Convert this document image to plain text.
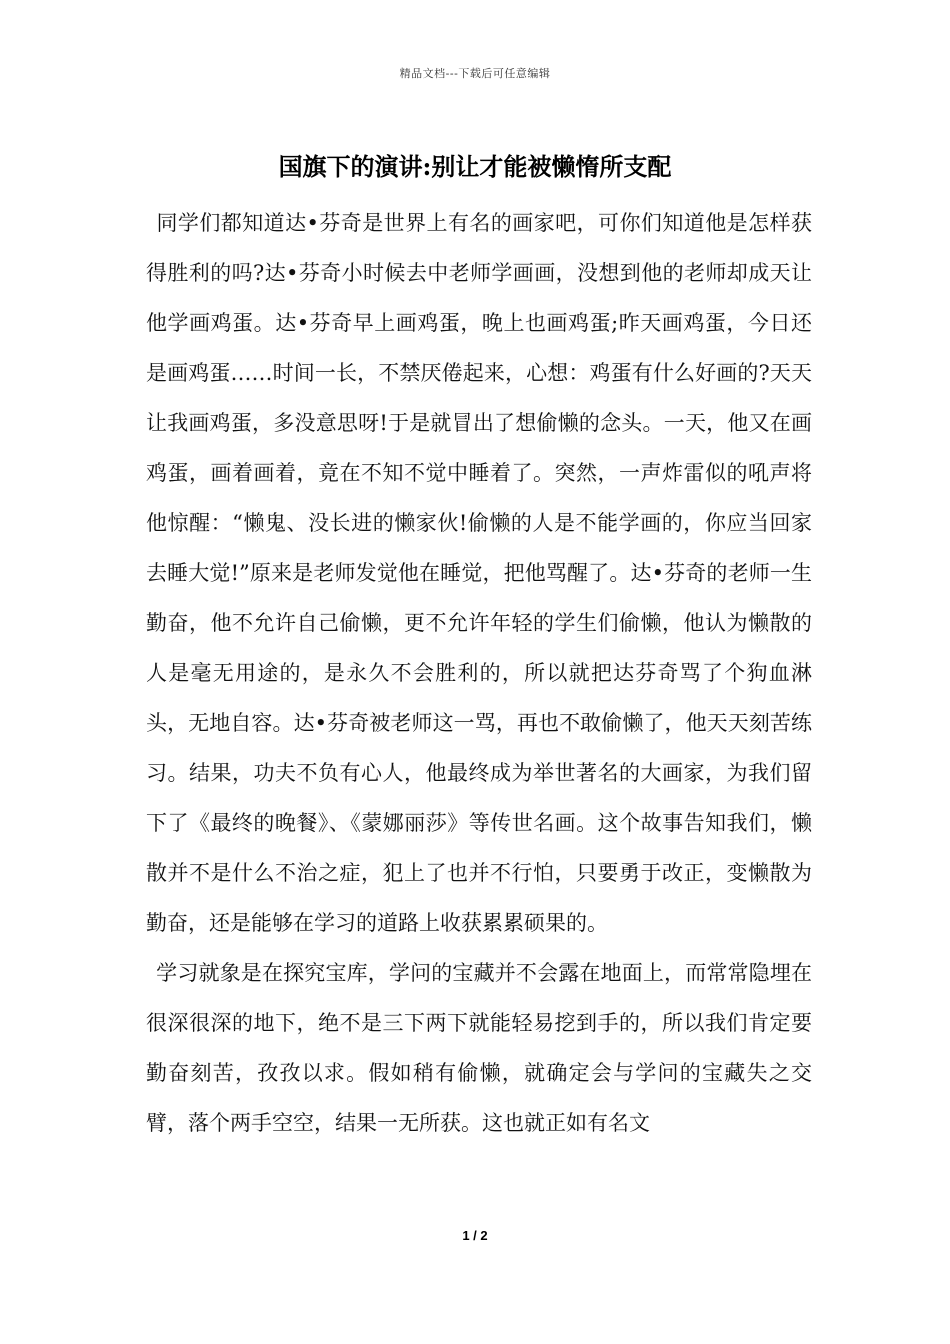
精品文档---下载后可任意编辑
国旗下的演讲:别让才能被懒惰所支配

同学们都知道达•芬奇是世界上有名的画家吧，可你们知道他是怎样获得胜利的吗?达•芬奇小时候去中老师学画画，没想到他的老师却成天让他学画鸡蛋。达•芬奇早上画鸡蛋，晚上也画鸡蛋;昨天画鸡蛋，今日还是画鸡蛋……时间一长，不禁厌倦起来，心想：鸡蛋有什么好画的?天天让我画鸡蛋，多没意思呀!于是就冒出了想偷懒的念头。一天，他又在画鸡蛋，画着画着，竟在不知不觉中睡着了。突然，一声炸雷似的吼声将他惊醒：“懒鬼、没长进的懒家伙!偷懒的人是不能学画的，你应当回家去睡大觉!”原来是老师发觉他在睡觉，把他骂醒了。达•芬奇的老师一生勤奋，他不允许自己偷懒，更不允许年轻的学生们偷懒，他认为懒散的人是毫无用途的，是永久不会胜利的，所以就把达芬奇骂了个狗血淋头，无地自容。达•芬奇被老师这一骂，再也不敢偷懒了，他天天刻苦练习。结果，功夫不负有心人，他最终成为举世著名的大画家，为我们留下了《最终的晚餐》、《蒙娜丽莎》等传世名画。这个故事告知我们，懒散并不是什么不治之症，犯上了也并不行怕，只要勇于改正，变懒散为勤奋，还是能够在学习的道路上收获累累硕果的。

学习就象是在探究宝库，学问的宝藏并不会露在地面上，而常常隐埋在很深很深的地下，绝不是三下两下就能轻易挖到手的，所以我们肯定要勤奋刻苦，孜孜以求。假如稍有偷懒，就确定会与学问的宝藏失之交臂，落个两手空空，结果一无所获。这也就正如有名文

1 / 2
